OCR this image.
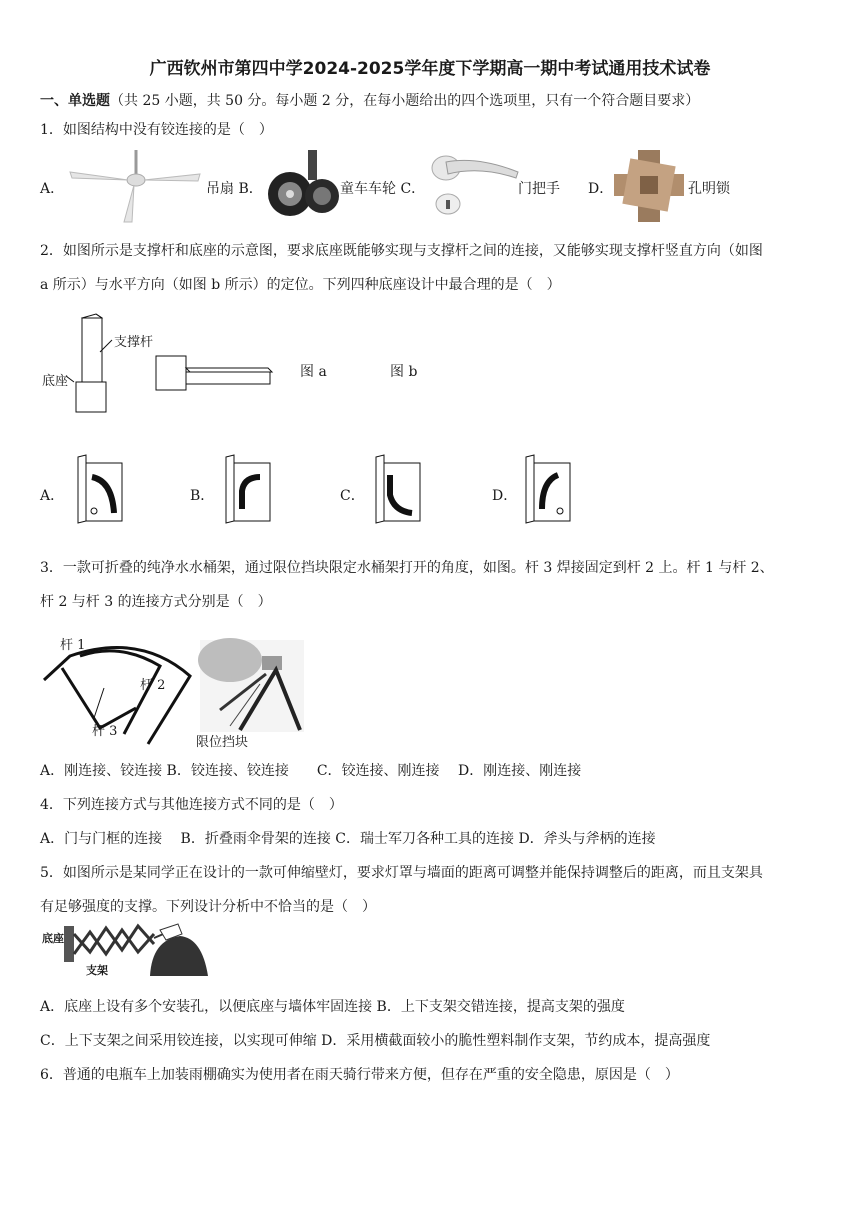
广西钦州市第四中学2024-2025学年度下学期高一期中考试通用技术试卷
一、单选题（共 25 小题，共 50 分。每小题 2 分，在每小题给出的四个选项里，只有一个符合题目要求）
1．如图结构中没有铰连接的是（　）
A．	吊扇 B．	童车车轮 C．	门把手 D．	孔明锁
2．如图所示是支撑杆和底座的示意图，要求底座既能够实现与支撑杆之间的连接，又能够实现支撑杆竖直方向（如图
a 所示）与水平方向（如图 b 所示）的定位。下列四种底座设计中最合理的是（　）
支撑杆
底座
图 a	图 b
A．	B．	C．	D．
3．一款可折叠的纯净水水桶架，通过限位挡块限定水桶架打开的角度，如图。杆 3 焊接固定到杆 2 上。杆 1 与杆 2、
杆 2 与杆 3 的连接方式分别是（　）
杆 1
杆 2
杆 3
限位挡块
A．刚连接、铰连接 B．铰连接、铰连接　　C．铰连接、刚连接　 D．刚连接、刚连接
4．下列连接方式与其他连接方式不同的是（　）
A．门与门框的连接　 B．折叠雨伞骨架的连接 C．瑞士军刀各种工具的连接 D．斧头与斧柄的连接
5．如图所示是某同学正在设计的一款可伸缩壁灯，要求灯罩与墙面的距离可调整并能保持调整后的距离，而且支架具
有足够强度的支撑。下列设计分析中不恰当的是（　）
底座
支架
A．底座上设有多个安装孔，以便底座与墙体牢固连接 B．上下支架交错连接，提高支架的强度
C．上下支架之间采用铰连接，以实现可伸缩 D．采用横截面较小的脆性塑料制作支架，节约成本，提高强度
6．普通的电瓶车上加装雨棚确实为使用者在雨天骑行带来方便，但存在严重的安全隐患，原因是（　）
